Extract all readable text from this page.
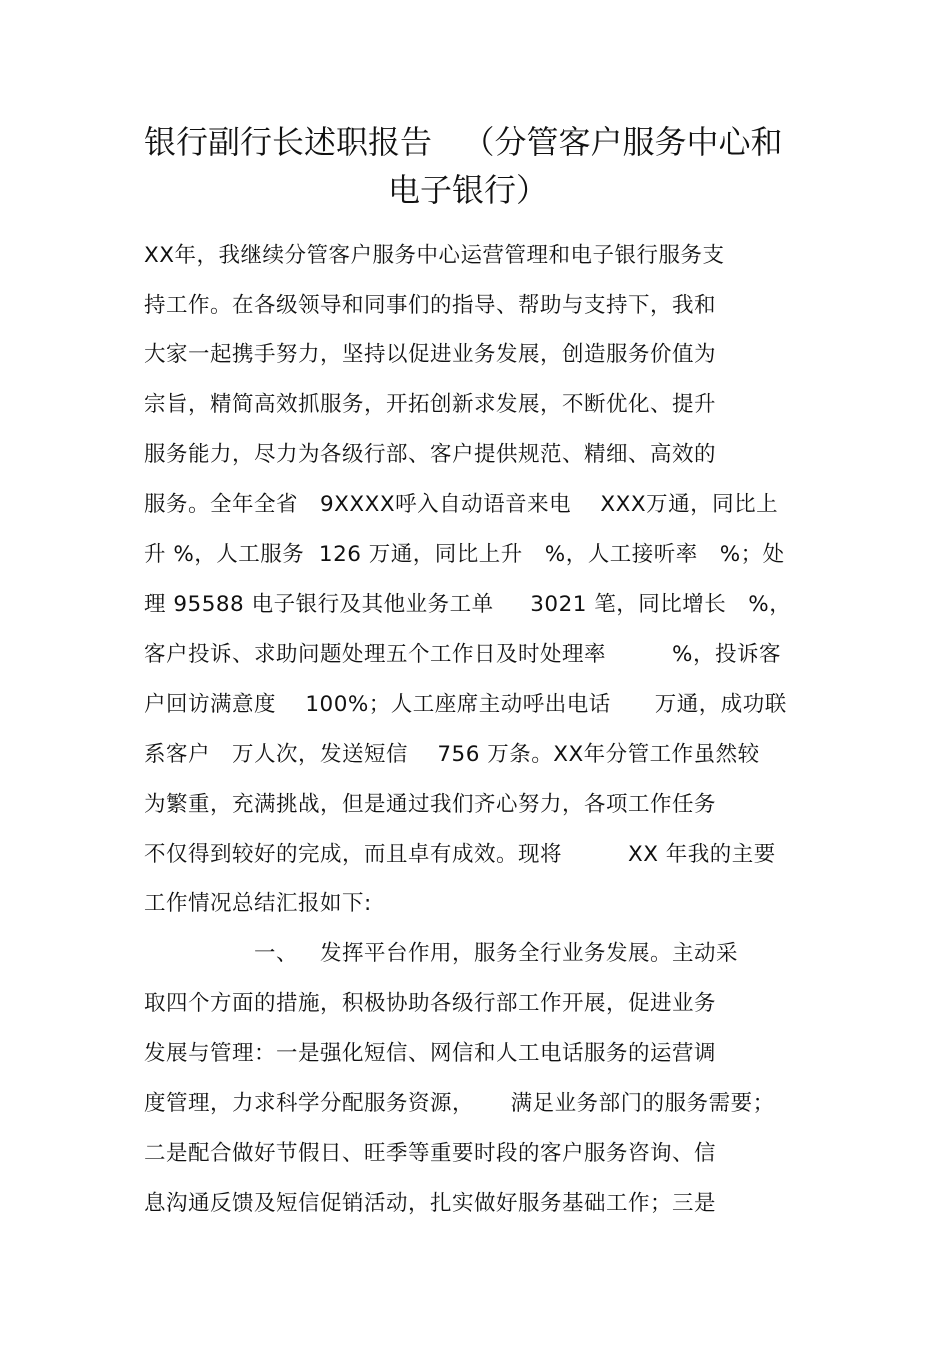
银行副行长述职报告   （分管客户服务中心和
电子银行）
XX年，我继续分管客户服务中心运营管理和电子银行服务支
持工作。在各级领导和同事们的指导、帮助与支持下，我和
大家一起携手努力，坚持以促进业务发展，创造服务价值为
宗旨，精简高效抓服务，开拓创新求发展，不断优化、提升
服务能力，尽力为各级行部、客户提供规范、精细、高效的
服务。全年全省   9XXXX呼入自动语音来电    XXX万通，同比上
升 %，人工服务  126 万通，同比上升   %，人工接听率   %；处
理 95588 电子银行及其他业务工单     3021 笔，同比增长   %，
客户投诉、求助问题处理五个工作日及时处理率         %，投诉客
户回访满意度    100%；人工座席主动呼出电话      万通，成功联
系客户   万人次，发送短信    756 万条。XX年分管工作虽然较
为繁重，充满挑战，但是通过我们齐心努力，各项工作任务
不仅得到较好的完成，而且卓有成效。现将         XX 年我的主要
工作情况总结汇报如下:
一、   发挥平台作用，服务全行业务发展。主动采
取四个方面的措施，积极协助各级行部工作开展，促进业务
发展与管理：一是强化短信、网信和人工电话服务的运营调
度管理，力求科学分配服务资源，     满足业务部门的服务需要；
二是配合做好节假日、旺季等重要时段的客户服务咨询、信
息沟通反馈及短信促销活动，扎实做好服务基础工作；三是
